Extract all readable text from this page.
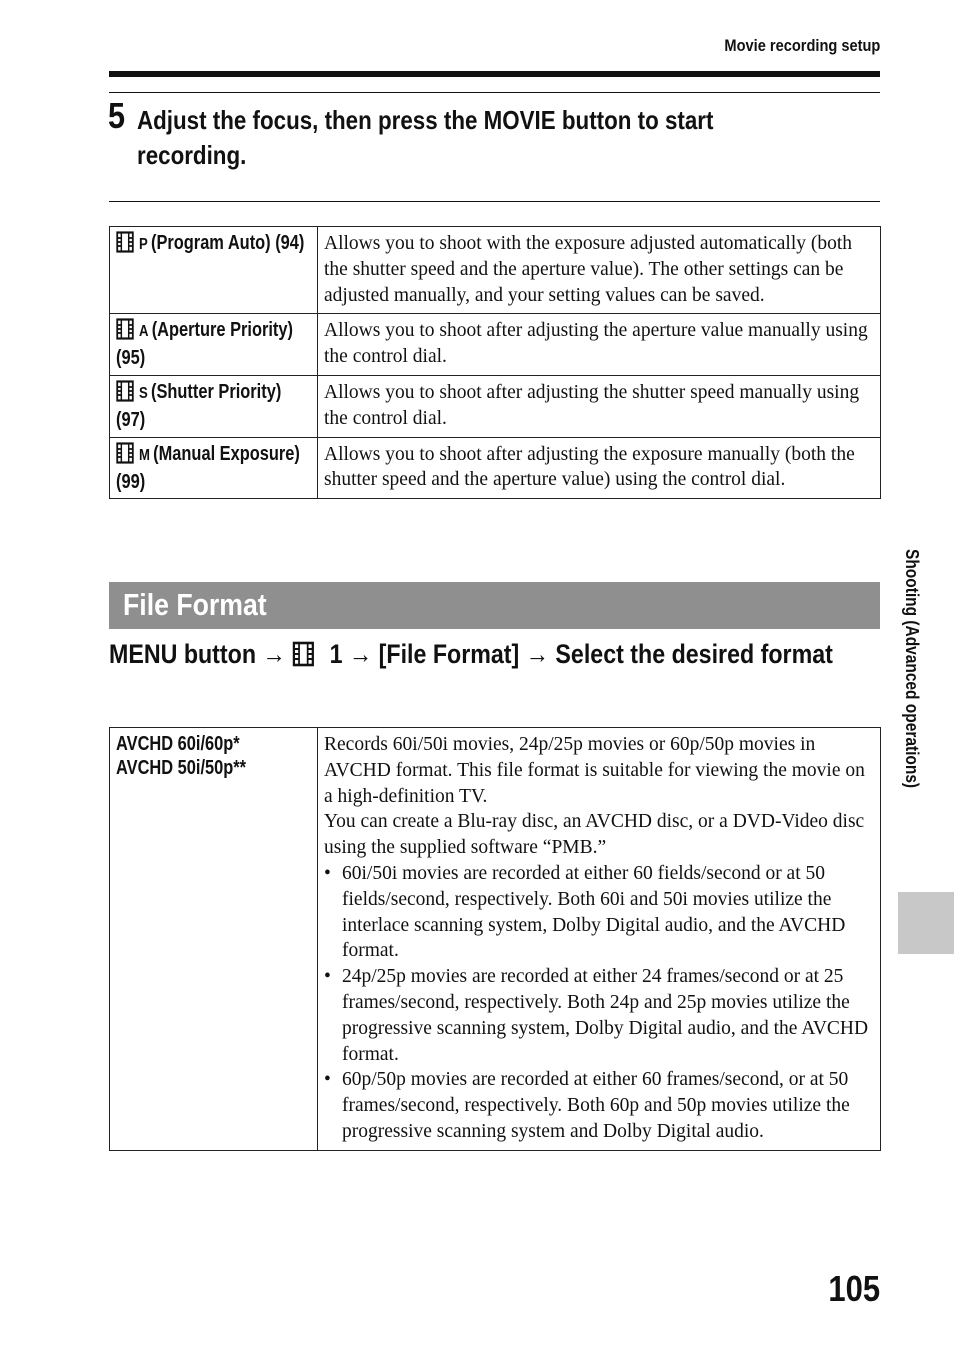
Movie recording setup
5 Adjust the focus, then press the MOVIE button to start recording.
P (Program Auto) (94)	Allows you to shoot with the exposure adjusted automatically (both the shutter speed and the aperture value). The other settings can be adjusted manually, and your setting values can be saved.

A (Aperture Priority) (95)	Allows you to shoot after adjusting the aperture value manually using the control dial.

S (Shutter Priority) (97)	Allows you to shoot after adjusting the shutter speed manually using the control dial.

M (Manual Exposure) (99)	Allows you to shoot after adjusting the exposure manually (both the shutter speed and the aperture value) using the control dial.
File Format
MENU button → 1 → [File Format] → Select the desired format
AVCHD 60i/60p*
AVCHD 50i/50p**

Records 60i/50i movies, 24p/25p movies or 60p/50p movies in AVCHD format. This file format is suitable for viewing the movie on a high-definition TV.
You can create a Blu-ray disc, an AVCHD disc, or a DVD-Video disc using the supplied software “PMB.”
• 60i/50i movies are recorded at either 60 fields/second or at 50 fields/second, respectively. Both 60i and 50i movies utilize the interlace scanning system, Dolby Digital audio, and the AVCHD format.
• 24p/25p movies are recorded at either 24 frames/second or at 25 frames/second, respectively. Both 24p and 25p movies utilize the progressive scanning system, Dolby Digital audio, and the AVCHD format.
• 60p/50p movies are recorded at either 60 frames/second, or at 50 frames/second, respectively. Both 60p and 50p movies utilize the progressive scanning system and Dolby Digital audio.
Shooting (Advanced operations)
105
